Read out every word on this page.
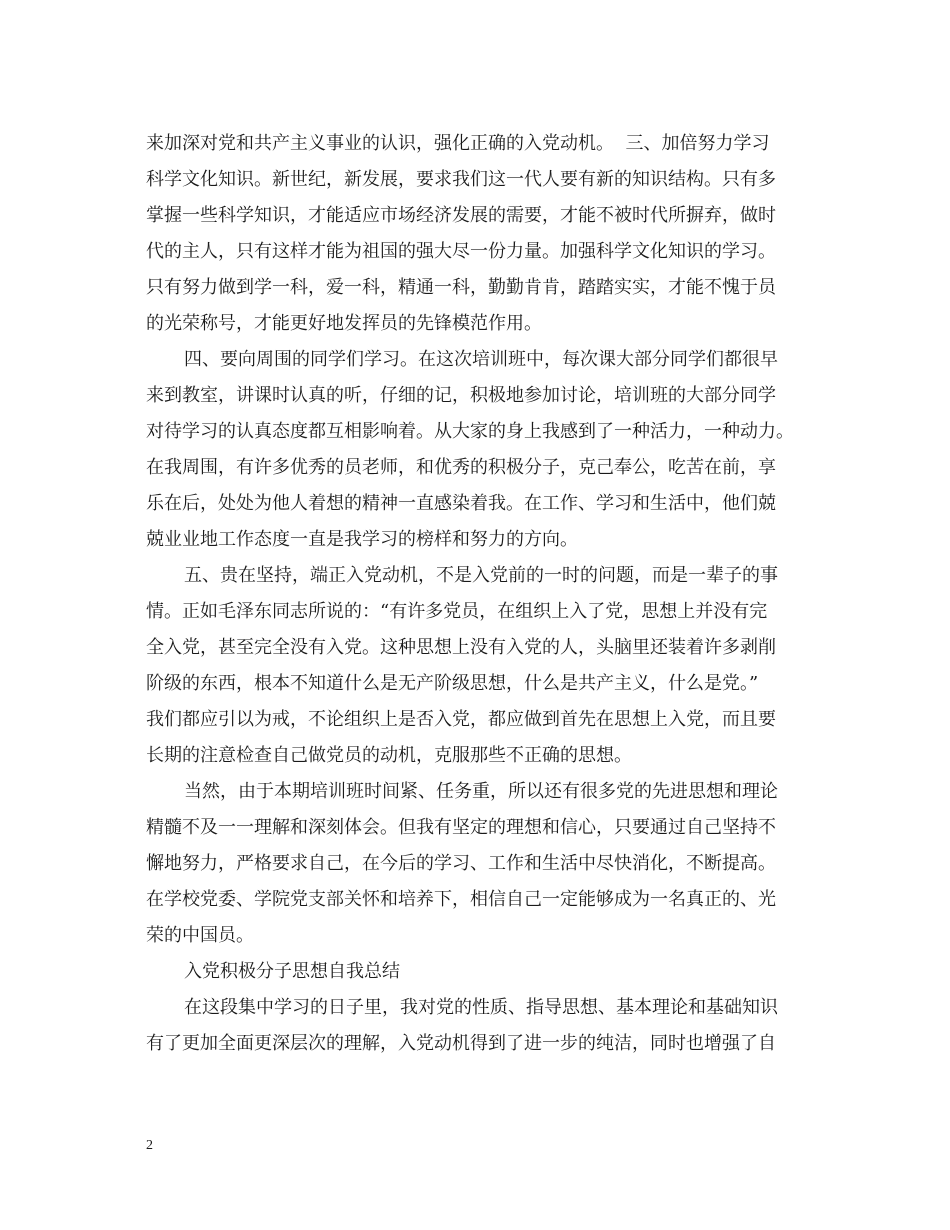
来加深对党和共产主义事业的认识，强化正确的入党动机。  三、加倍努力学习
科学文化知识。新世纪，新发展，要求我们这一代人要有新的知识结构。只有多
掌握一些科学知识，才能适应市场经济发展的需要，才能不被时代所摒弃，做时
代的主人，只有这样才能为祖国的强大尽一份力量。加强科学文化知识的学习。
只有努力做到学一科，爱一科，精通一科，勤勤肯肯，踏踏实实，才能不愧于员
的光荣称号，才能更好地发挥员的先锋模范作用。
四、要向周围的同学们学习。在这次培训班中，每次课大部分同学们都很早
来到教室，讲课时认真的听，仔细的记，积极地参加讨论，培训班的大部分同学
对待学习的认真态度都互相影响着。从大家的身上我感到了一种活力，一种动力。
在我周围，有许多优秀的员老师，和优秀的积极分子，克己奉公，吃苦在前，享
乐在后，处处为他人着想的精神一直感染着我。在工作、学习和生活中，他们兢
兢业业地工作态度一直是我学习的榜样和努力的方向。
五、贵在坚持，端正入党动机，不是入党前的一时的问题，而是一辈子的事
情。正如毛泽东同志所说的：“有许多党员，在组织上入了党，思想上并没有完
全入党，甚至完全没有入党。这种思想上没有入党的人，头脑里还装着许多剥削
阶级的东西，根本不知道什么是无产阶级思想，什么是共产主义，什么是党。”
我们都应引以为戒，不论组织上是否入党，都应做到首先在思想上入党，而且要
长期的注意检查自己做党员的动机，克服那些不正确的思想。
当然，由于本期培训班时间紧、任务重，所以还有很多党的先进思想和理论
精髓不及一一理解和深刻体会。但我有坚定的理想和信心，只要通过自己坚持不
懈地努力，严格要求自己，在今后的学习、工作和生活中尽快消化，不断提高。
在学校党委、学院党支部关怀和培养下，相信自己一定能够成为一名真正的、光
荣的中国员。
入党积极分子思想自我总结
在这段集中学习的日子里，我对党的性质、指导思想、基本理论和基础知识
有了更加全面更深层次的理解，入党动机得到了进一步的纯洁，同时也增强了自
2
